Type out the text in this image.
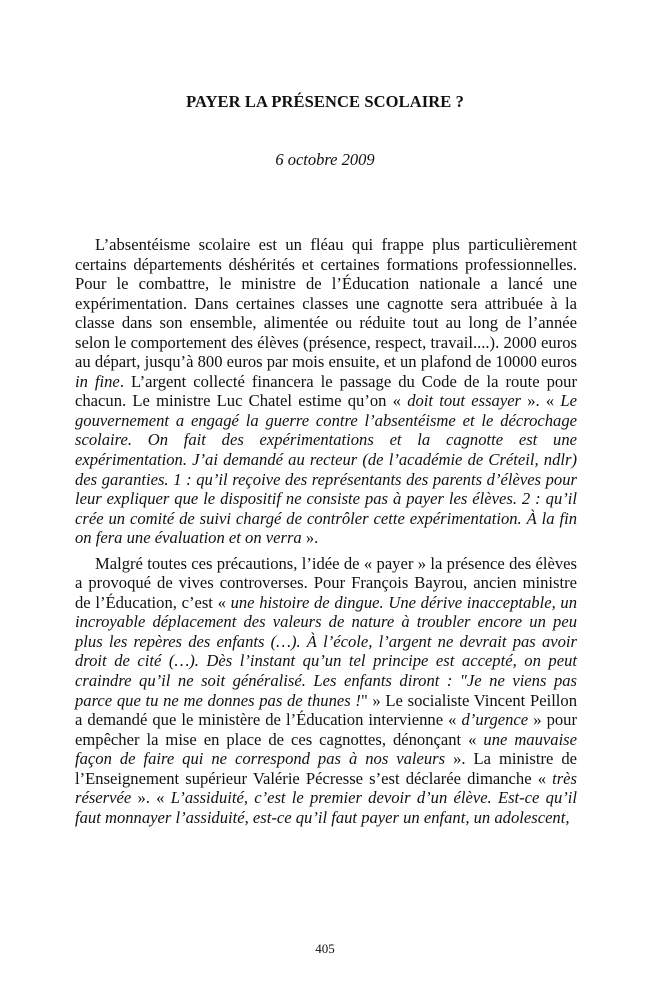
PAYER LA PRÉSENCE SCOLAIRE ?
6 octobre 2009

L’absentéisme scolaire est un fléau qui frappe plus particulièrement certains départements déshérités et certaines formations professionnelles. Pour le combattre, le ministre de l’Éducation nationale a lancé une expérimentation. Dans certaines classes une cagnotte sera attribuée à la classe dans son ensemble, alimentée ou réduite tout au long de l’année selon le comportement des élèves (présence, respect, travail....). 2000 euros au départ, jusqu’à 800 euros par mois ensuite, et un plafond de 10000 euros in fine. L’argent collecté financera le passage du Code de la route pour chacun. Le ministre Luc Chatel estime qu’on « doit tout essayer ». « Le gouvernement a engagé la guerre contre l’absentéisme et le décrochage scolaire. On fait des expérimentations et la cagnotte est une expérimentation. J’ai demandé au recteur (de l’académie de Créteil, ndlr) des garanties. 1 : qu’il reçoive des représentants des parents d’élèves pour leur expliquer que le dispositif ne consiste pas à payer les élèves. 2 : qu’il crée un comité de suivi chargé de contrôler cette expérimentation. À la fin on fera une évaluation et on verra ».

Malgré toutes ces précautions, l’idée de « payer » la présence des élèves a provoqué de vives controverses. Pour François Bayrou, ancien ministre de l’Éducation, c’est « une histoire de dingue. Une dérive inacceptable, un incroyable déplacement des valeurs de nature à troubler encore un peu plus les repères des enfants (…). À l’école, l’argent ne devrait pas avoir droit de cité (…). Dès l’instant qu’un tel principe est accepté, on peut craindre qu’il ne soit généralisé. Les enfants diront : "Je ne viens pas parce que tu ne me donnes pas de thunes !" » Le socialiste Vincent Peillon a demandé que le ministère de l’Éducation intervienne « d’urgence » pour empêcher la mise en place de ces cagnottes, dénonçant « une mauvaise façon de faire qui ne correspond pas à nos valeurs ». La ministre de l’Enseignement supérieur Valérie Pécresse s’est déclarée dimanche « très réservée ». « L’assiduité, c’est le premier devoir d’un élève. Est-ce qu’il faut monnayer l’assiduité, est-ce qu’il faut payer un enfant, un adolescent,

405
